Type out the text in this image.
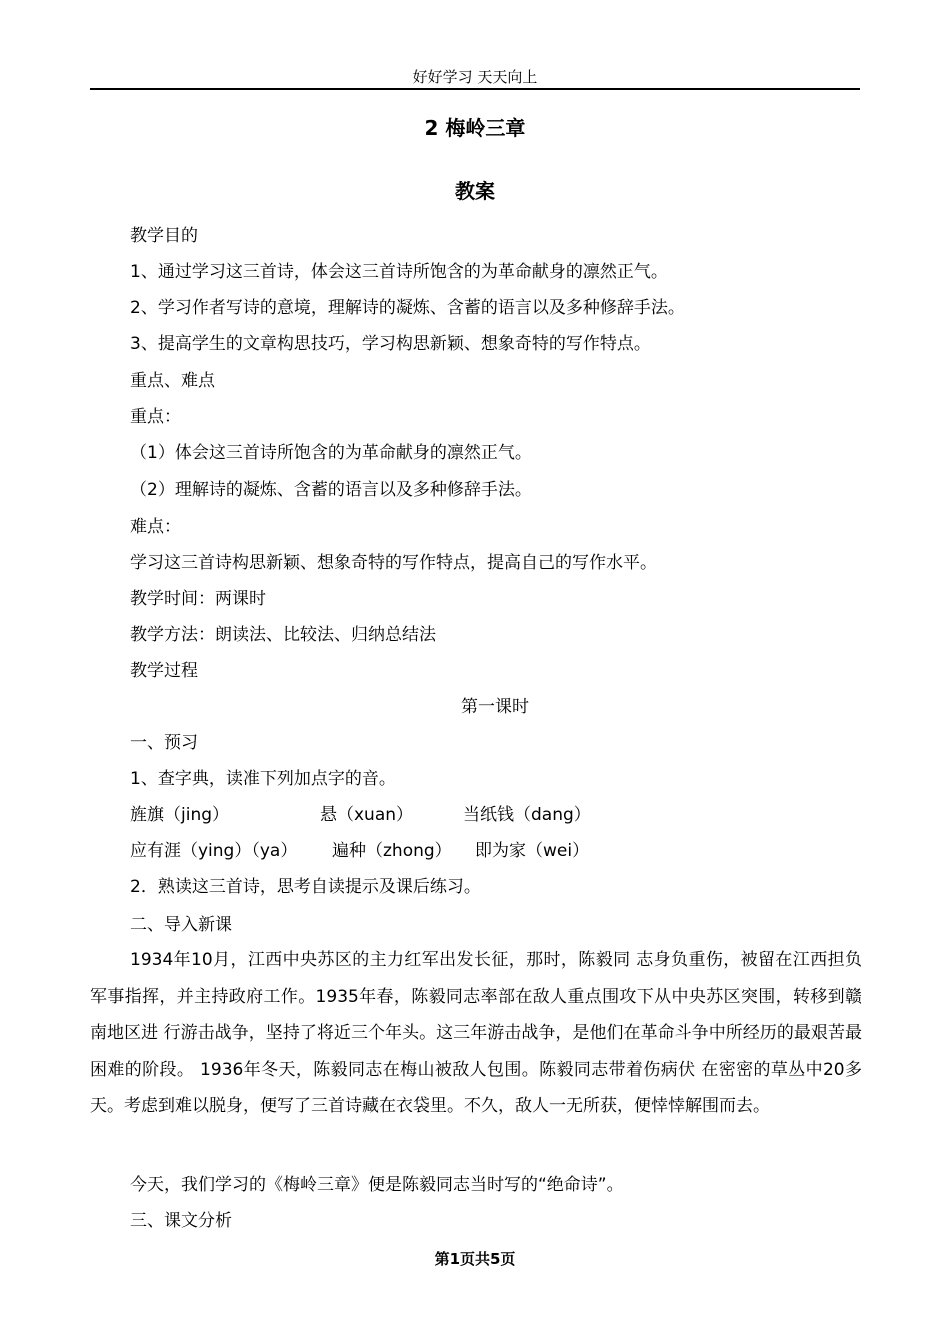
好好学习 天天向上
2 梅岭三章
教案
教学目的
1、通过学习这三首诗，体会这三首诗所饱含的为革命献身的凛然正气。
2、学习作者写诗的意境，理解诗的凝炼、含蓄的语言以及多种修辞手法。
3、提高学生的文章构思技巧，学习构思新颖、想象奇特的写作特点。
重点、难点
重点：
（1）体会这三首诗所饱含的为革命献身的凛然正气。
（2）理解诗的凝炼、含蓄的语言以及多种修辞手法。
难点：
学习这三首诗构思新颖、想象奇特的写作特点，提高自己的写作水平。
教学时间：两课时
教学方法：朗读法、比较法、归纳总结法
教学过程
第一课时
一、预习
1、查字典，读准下列加点字的音。
旌旗（jing）	悬（xuan）	当纸钱（dang）
应有涯（ying）（ya） 遍种（zhong） 即为家（wei）
2．熟读这三首诗，思考自读提示及课后练习。
二、导入新课
1934年10月，江西中央苏区的主力红军出发长征，那时，陈毅同 志身负重伤，被留在江西担负军事指挥，并主持政府工作。1935年春，陈毅同志率部在敌人重点围攻下从中央苏区突围，转移到赣南地区进 行游击战争，坚持了将近三个年头。这三年游击战争，是他们在革命斗争中所经历的最艰苦最困难的阶段。 1936年冬天，陈毅同志在梅山被敌人包围。陈毅同志带着伤病伏 在密密的草丛中20多天。考虑到难以脱身，便写了三首诗藏在衣袋里。不久，敌人一无所获，便悻悻解围而去。
今天，我们学习的《梅岭三章》便是陈毅同志当时写的“绝命诗”。
三、课文分析
第1页共5页
